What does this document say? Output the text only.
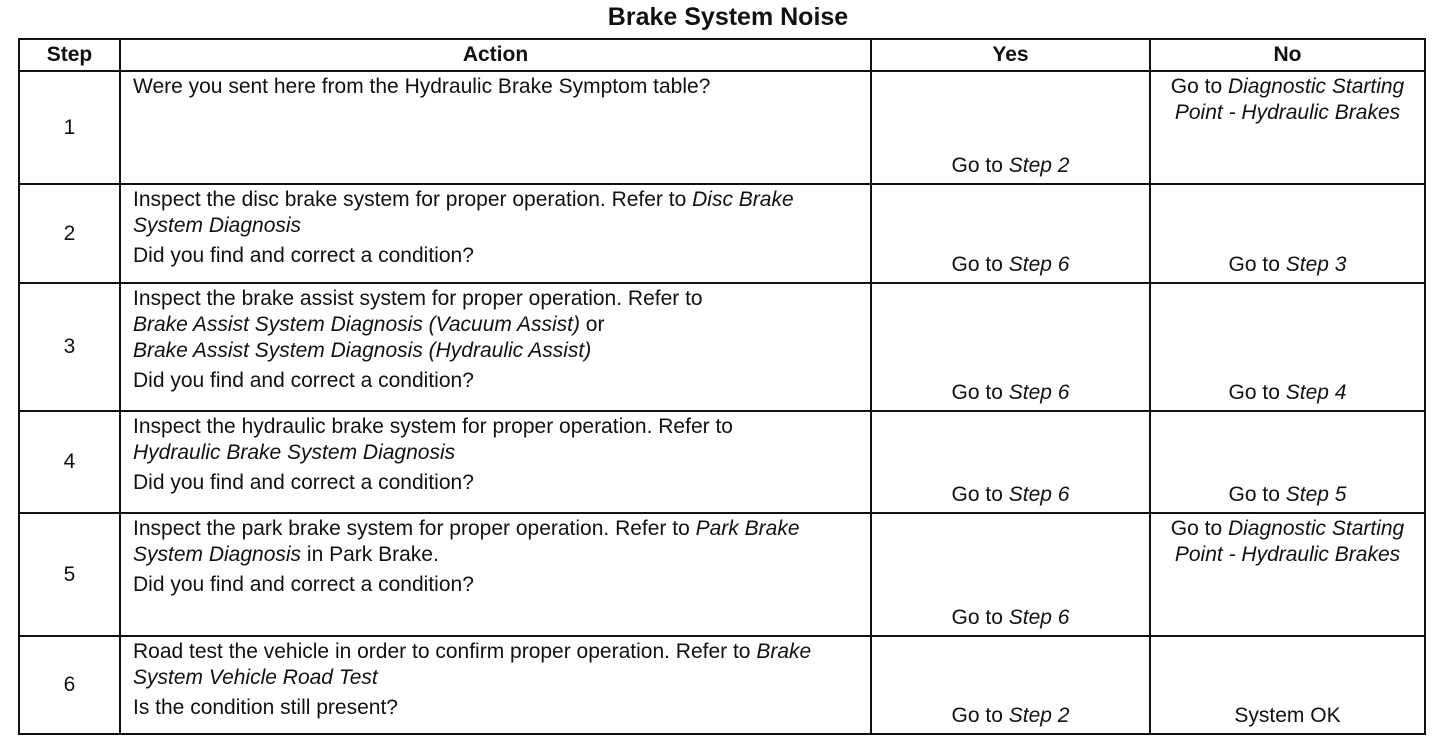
Brake System Noise
Step	Action	Yes	No
1	Were you sent here from the Hydraulic Brake Symptom table?	Go to Step 2	Go to Diagnostic Starting Point - Hydraulic Brakes
2	Inspect the disc brake system for proper operation. Refer to Disc Brake System Diagnosis
Did you find and correct a condition?	Go to Step 6	Go to Step 3
3	Inspect the brake assist system for proper operation. Refer to
Brake Assist System Diagnosis (Vacuum Assist) or
Brake Assist System Diagnosis (Hydraulic Assist)
Did you find and correct a condition?	Go to Step 6	Go to Step 4
4	Inspect the hydraulic brake system for proper operation. Refer to
Hydraulic Brake System Diagnosis
Did you find and correct a condition?	Go to Step 6	Go to Step 5
5	Inspect the park brake system for proper operation. Refer to Park Brake System Diagnosis in Park Brake.
Did you find and correct a condition?	Go to Step 6	Go to Diagnostic Starting Point - Hydraulic Brakes
6	Road test the vehicle in order to confirm proper operation. Refer to Brake System Vehicle Road Test
Is the condition still present?	Go to Step 2	System OK
